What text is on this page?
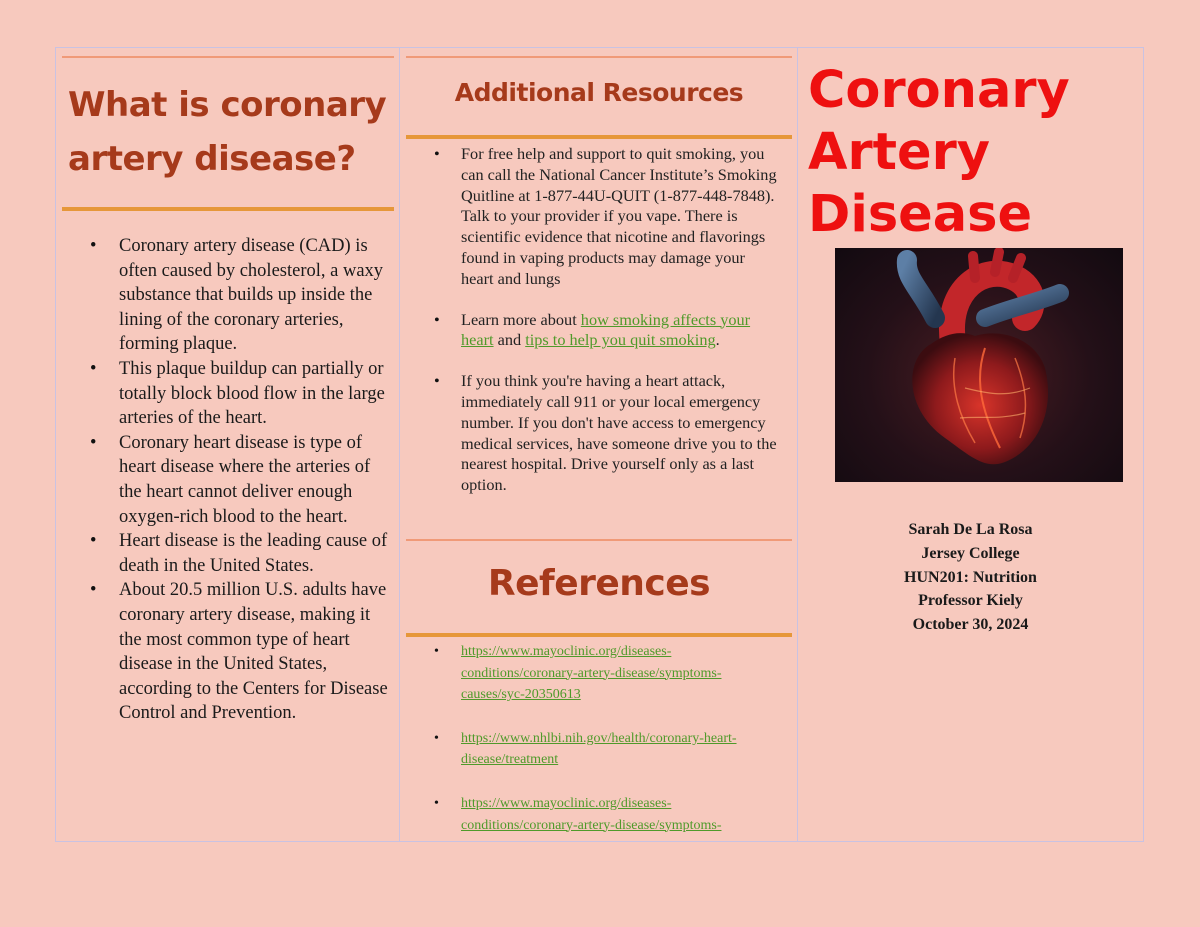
What is coronary artery disease?
• Coronary artery disease (CAD) is often caused by cholesterol, a waxy substance that builds up inside the lining of the coronary arteries, forming plaque.
• This plaque buildup can partially or totally block blood flow in the large arteries of the heart.
• Coronary heart disease is type of heart disease where the arteries of the heart cannot deliver enough oxygen-rich blood to the heart.
• Heart disease is the leading cause of death in the United States.
• About 20.5 million U.S. adults have coronary artery disease, making it the most common type of heart disease in the United States, according to the Centers for Disease Control and Prevention.
Additional Resources
• For free help and support to quit smoking, you can call the National Cancer Institute’s Smoking Quitline at 1-877-44U-QUIT (1-877-448-7848). Talk to your provider if you vape. There is scientific evidence that nicotine and flavorings found in vaping products may damage your heart and lungs
• Learn more about how smoking affects your heart and tips to help you quit smoking.
• If you think you're having a heart attack, immediately call 911 or your local emergency number. If you don't have access to emergency medical services, have someone drive you to the nearest hospital. Drive yourself only as a last option.
References
• https://www.mayoclinic.org/diseases-conditions/coronary-artery-disease/symptoms-causes/syc-20350613
• https://www.nhlbi.nih.gov/health/coronary-heart-disease/treatment
• https://www.mayoclinic.org/diseases-conditions/coronary-artery-disease/symptoms-
Coronary Artery Disease
Sarah De La Rosa
Jersey College
HUN201: Nutrition
Professor Kiely
October 30, 2024
